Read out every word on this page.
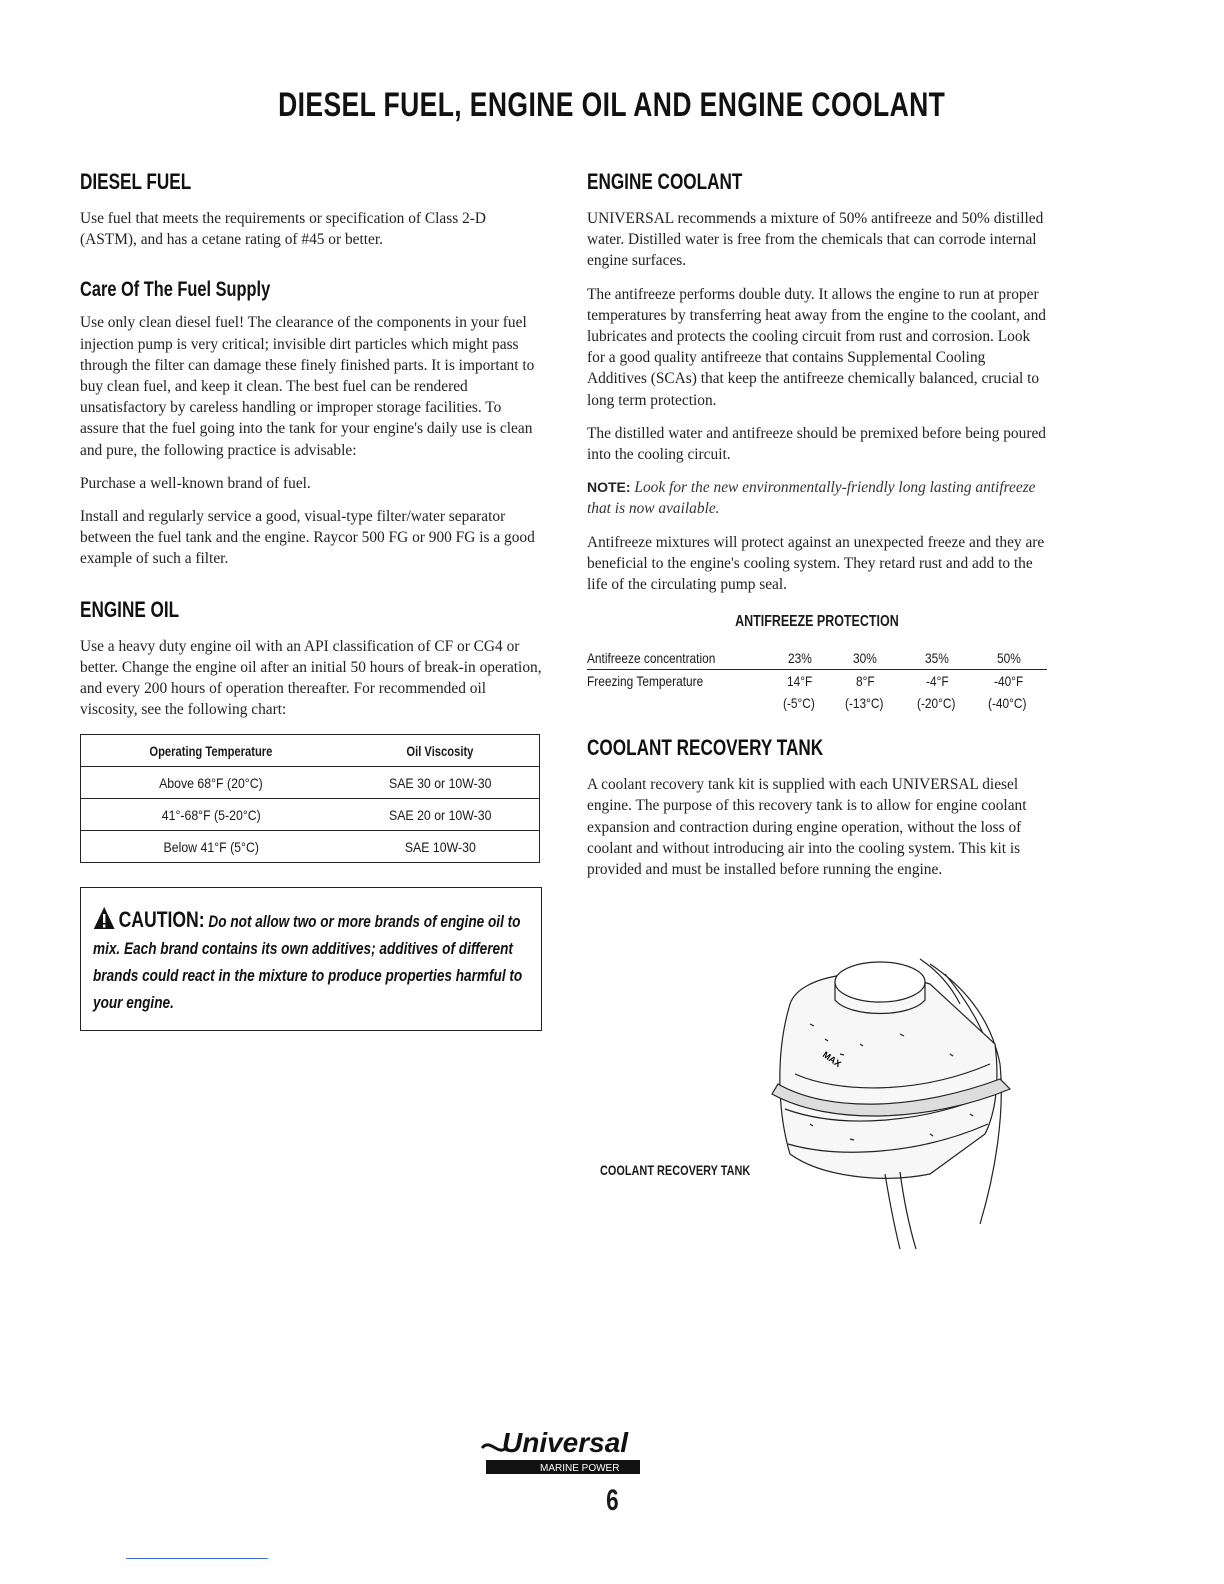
DIESEL FUEL, ENGINE OIL AND ENGINE COOLANT
DIESEL FUEL

Use fuel that meets the requirements or specification of Class 2-D (ASTM), and has a cetane rating of #45 or better.

Care Of The Fuel Supply

Use only clean diesel fuel! The clearance of the components in your fuel injection pump is very critical; invisible dirt particles which might pass through the filter can damage these finely finished parts. It is important to buy clean fuel, and keep it clean. The best fuel can be rendered unsatisfactory by careless handling or improper storage facilities. To assure that the fuel going into the tank for your engine's daily use is clean and pure, the following practice is advisable:

Purchase a well-known brand of fuel.

Install and regularly service a good, visual-type filter/water separator between the fuel tank and the engine. Raycor 500 FG or 900 FG is a good example of such a filter.

ENGINE OIL

Use a heavy duty engine oil with an API classification of CF or CG4 or better. Change the engine oil after an initial 50 hours of break-in operation, and every 200 hours of operation thereafter. For recommended oil viscosity, see the following chart:

Operating Temperature	Oil Viscosity
Above 68°F (20°C)	SAE 30 or 10W-30
41°-68°F (5-20°C)	SAE 20 or 10W-30
Below 41°F (5°C)	SAE 10W-30
CAUTION: Do not allow two or more brands of engine oil to mix. Each brand contains its own additives; additives of different brands could react in the mixture to produce properties harmful to your engine.
ENGINE COOLANT

UNIVERSAL recommends a mixture of 50% antifreeze and 50% distilled water. Distilled water is free from the chemicals that can corrode internal engine surfaces.

The antifreeze performs double duty. It allows the engine to run at proper temperatures by transferring heat away from the engine to the coolant, and lubricates and protects the cooling circuit from rust and corrosion. Look for a good quality antifreeze that contains Supplemental Cooling Additives (SCAs) that keep the antifreeze chemically balanced, crucial to long term protection.

The distilled water and antifreeze should be premixed before being poured into the cooling circuit.

NOTE: Look for the new environmentally-friendly long lasting antifreeze that is now available.

Antifreeze mixtures will protect against an unexpected freeze and they are beneficial to the engine's cooling system. They retard rust and add to the life of the circulating pump seal.

ANTIFREEZE PROTECTION
Antifreeze concentration	23%	30%	35%	50%
Freezing Temperature	14°F	8°F	-4°F	-40°F
	(-5°C)	(-13°C)	(-20°C)	(-40°C)
COOLANT RECOVERY TANK

A coolant recovery tank kit is supplied with each UNIVERSAL diesel engine. The purpose of this recovery tank is to allow for engine coolant expansion and contraction during engine operation, without the loss of coolant and without introducing air into the cooling system. This kit is provided and must be installed before running the engine.

COOLANT RECOVERY TANK
MAX
Universal
MARINE POWER
6
